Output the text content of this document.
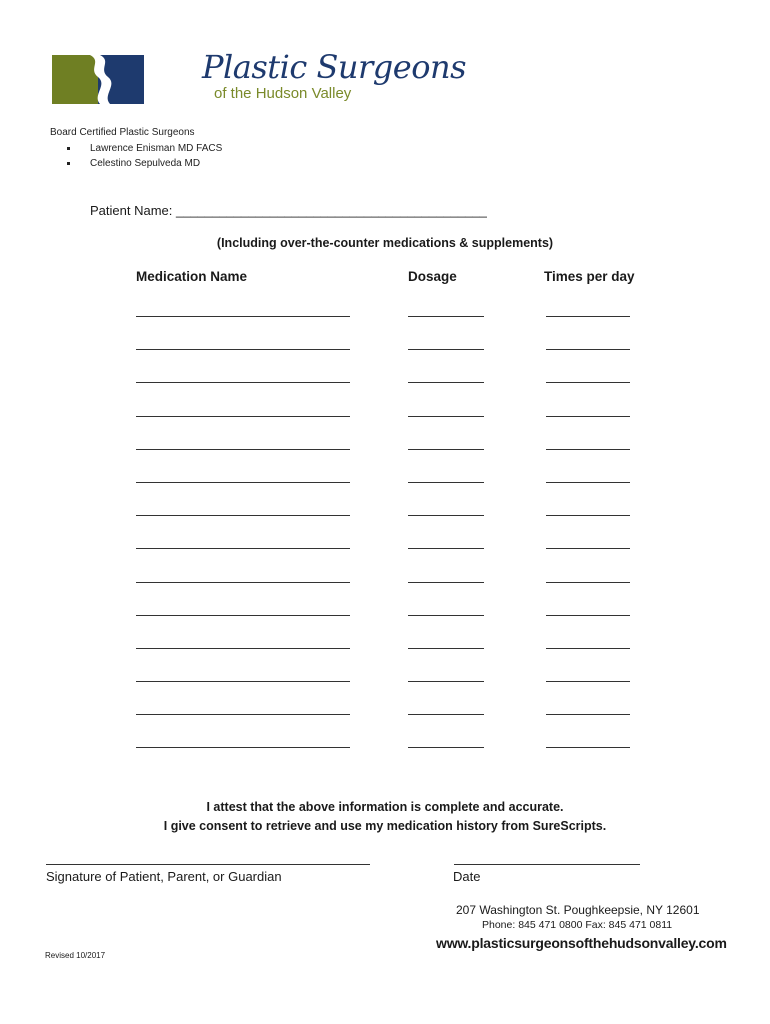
Plastic Surgeons
of the Hudson Valley
Board Certified Plastic Surgeons
Lawrence Enisman MD FACS
Celestino Sepulveda MD
Patient Name: ___________________________________________
(Including over-the-counter medications & supplements)
Medication Name	Dosage	Times per day
I attest that the above information is complete and accurate.
I give consent to retrieve and use my medication history from SureScripts.
Signature of Patient, Parent, or Guardian	Date
207 Washington St. Poughkeepsie, NY 12601
Phone: 845 471 0800 Fax: 845 471 0811
www.plasticsurgeonsofthehudsonvalley.com
Revised 10/2017
